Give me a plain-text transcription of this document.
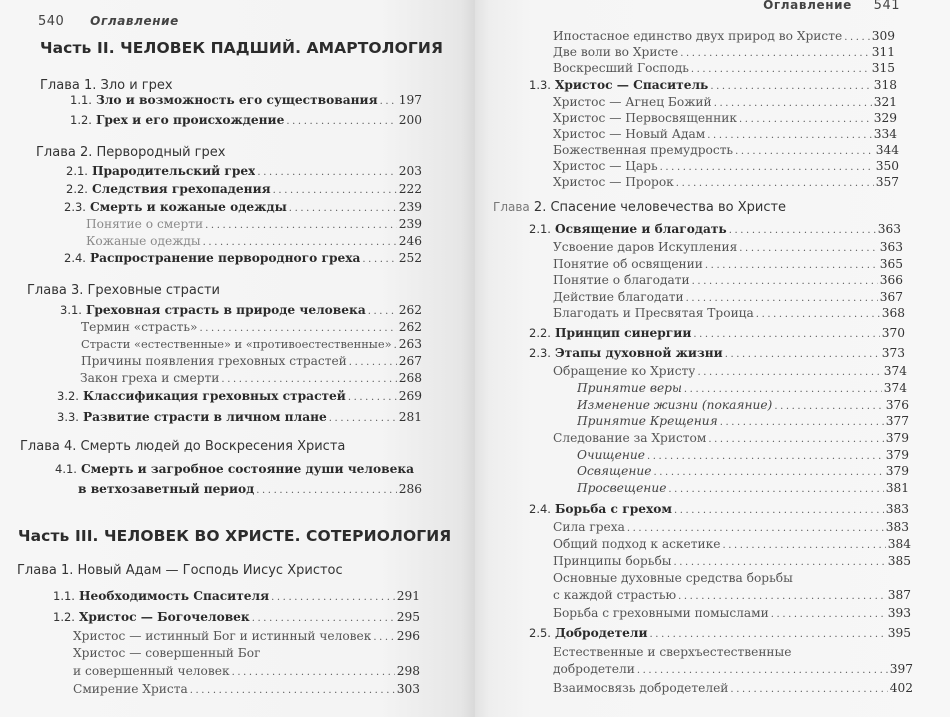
540 Оглавление
Часть II. ЧЕЛОВЕК ПАДШИЙ. АМАРТОЛОГИЯ
Глава 1. Зло и грех
1.1. Зло и возможность его существования ..... 197
1.2. Грех и его происхождение .....	200
Глава 2. Первородный грех
2.1. Прародительский грех .....	203
2.2. Следствия грехопадения .....	222
2.3. Смерть и кожаные одежды .....	239
Понятие о смерти .....	239
Кожаные одежды .....	246
2.4. Распространение первородного греха .....	252
Глава 3. Греховные страсти
3.1. Греховная страсть в природе человека .....	262
Термин «страсть» .....	262
Страсти «естественные» и «противоестественные» ..... 263
Причины появления греховных страстей .....	267
Закон греха и смерти .....	268
3.2. Классификация греховных страстей .....	269
3.3. Развитие страсти в личном плане .....	281
Глава 4. Смерть людей до Воскресения Христа
4.1. Смерть и загробное состояние души человека
в ветхозаветный период .....	286
Часть III. ЧЕЛОВЕК ВО ХРИСТЕ. СОТЕРИОЛОГИЯ
Глава 1. Новый Адам — Господь Иисус Христос
1.1. Необходимость Спасителя .....	291
1.2. Христос — Богочеловек .....	295
Христос — истинный Бог и истинный человек ..... 296
Христос — совершенный Бог
и совершенный человек .....	298
Смирение Христа .....	303
Оглавление 541
Ипостасное единство двух природ во Христе ..... 309
Две воли во Христе .....	311
Воскресший Господь .....	315
1.3. Христос — Спаситель .....	318
Христос — Агнец Божий .....	321
Христос — Первосвященник .....	329
Христос — Новый Адам .....	334
Божественная премудрость .....	344
Христос — Царь .....	350
Христос — Пророк .....	357
Глава 2. Спасение человечества во Христе
2.1. Освящение и благодать .....	363
Усвоение даров Искупления .....	363
Понятие об освящении .....	365
Понятие о благодати .....	366
Действие благодати .....	367
Благодать и Пресвятая Троица .....	368
2.2. Принцип синергии .....	370
2.3. Этапы духовной жизни .....	373
Обращение ко Христу .....	374
Принятие веры .....	374
Изменение жизни (покаяние) .....	376
Принятие Крещения .....	377
Следование за Христом .....	379
Очищение .....	379
Освящение .....	379
Просвещение .....	381
2.4. Борьба с грехом .....	383
Сила греха .....	383
Общий подход к аскетике .....	384
Принципы борьбы .....	385
Основные духовные средства борьбы
с каждой страстью .....	387
Борьба с греховными помыслами .....	393
2.5. Добродетели .....	395
Естественные и сверхъестественные
добродетели .....	397
Взаимосвязь добродетелей .....	402
